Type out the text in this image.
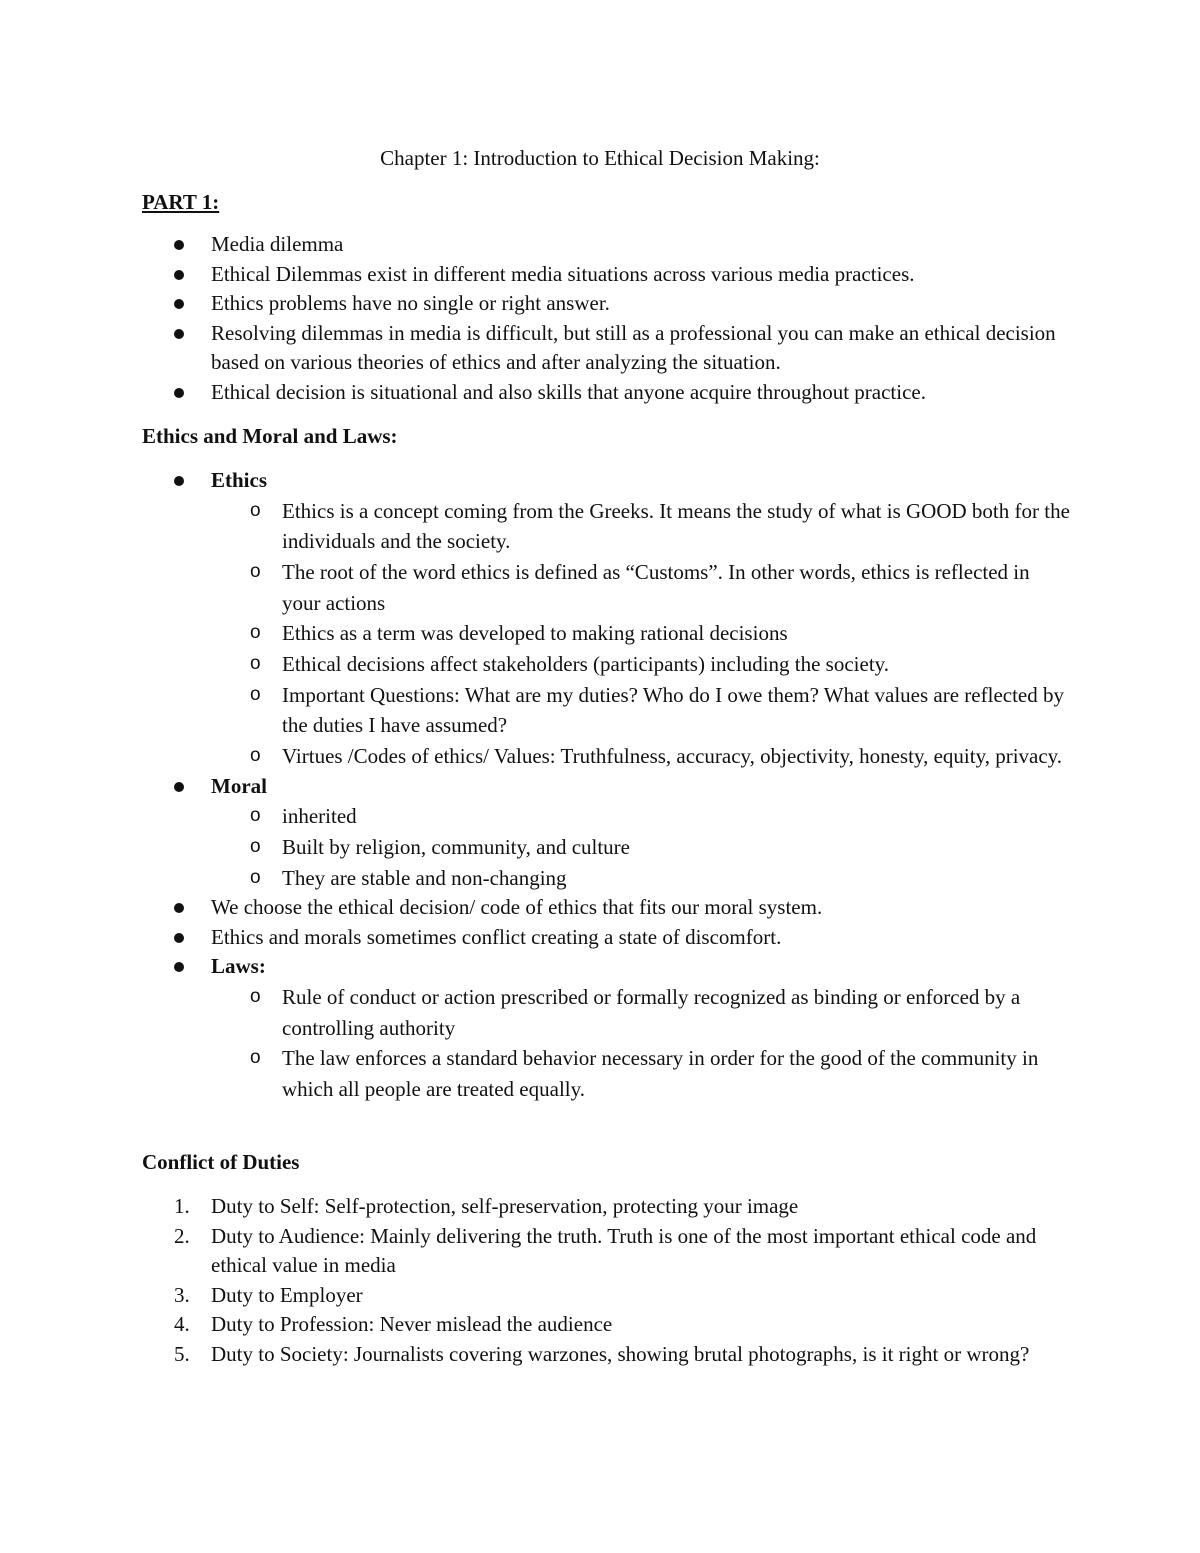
Chapter 1: Introduction to Ethical Decision Making:
PART 1:
Media dilemma
Ethical Dilemmas exist in different media situations across various media practices.
Ethics problems have no single or right answer.
Resolving dilemmas in media is difficult, but still as a professional you can make an ethical decision based on various theories of ethics and after analyzing the situation.
Ethical decision is situational and also skills that anyone acquire throughout practice.
Ethics and Moral and Laws:
Ethics
o Ethics is a concept coming from the Greeks. It means the study of what is GOOD both for the individuals and the society.
o The root of the word ethics is defined as “Customs”. In other words, ethics is reflected in your actions
o Ethics as a term was developed to making rational decisions
o Ethical decisions affect stakeholders (participants) including the society.
o Important Questions: What are my duties? Who do I owe them? What values are reflected by the duties I have assumed?
o Virtues /Codes of ethics/ Values: Truthfulness, accuracy, objectivity, honesty, equity, privacy.
Moral
o inherited
o Built by religion, community, and culture
o They are stable and non-changing
We choose the ethical decision/ code of ethics that fits our moral system.
Ethics and morals sometimes conflict creating a state of discomfort.
Laws:
o Rule of conduct or action prescribed or formally recognized as binding or enforced by a controlling authority
o The law enforces a standard behavior necessary in order for the good of the community in which all people are treated equally.
Conflict of Duties
1. Duty to Self: Self-protection, self-preservation, protecting your image
2. Duty to Audience: Mainly delivering the truth. Truth is one of the most important ethical code and ethical value in media
3. Duty to Employer
4. Duty to Profession: Never mislead the audience
5. Duty to Society: Journalists covering warzones, showing brutal photographs, is it right or wrong?
